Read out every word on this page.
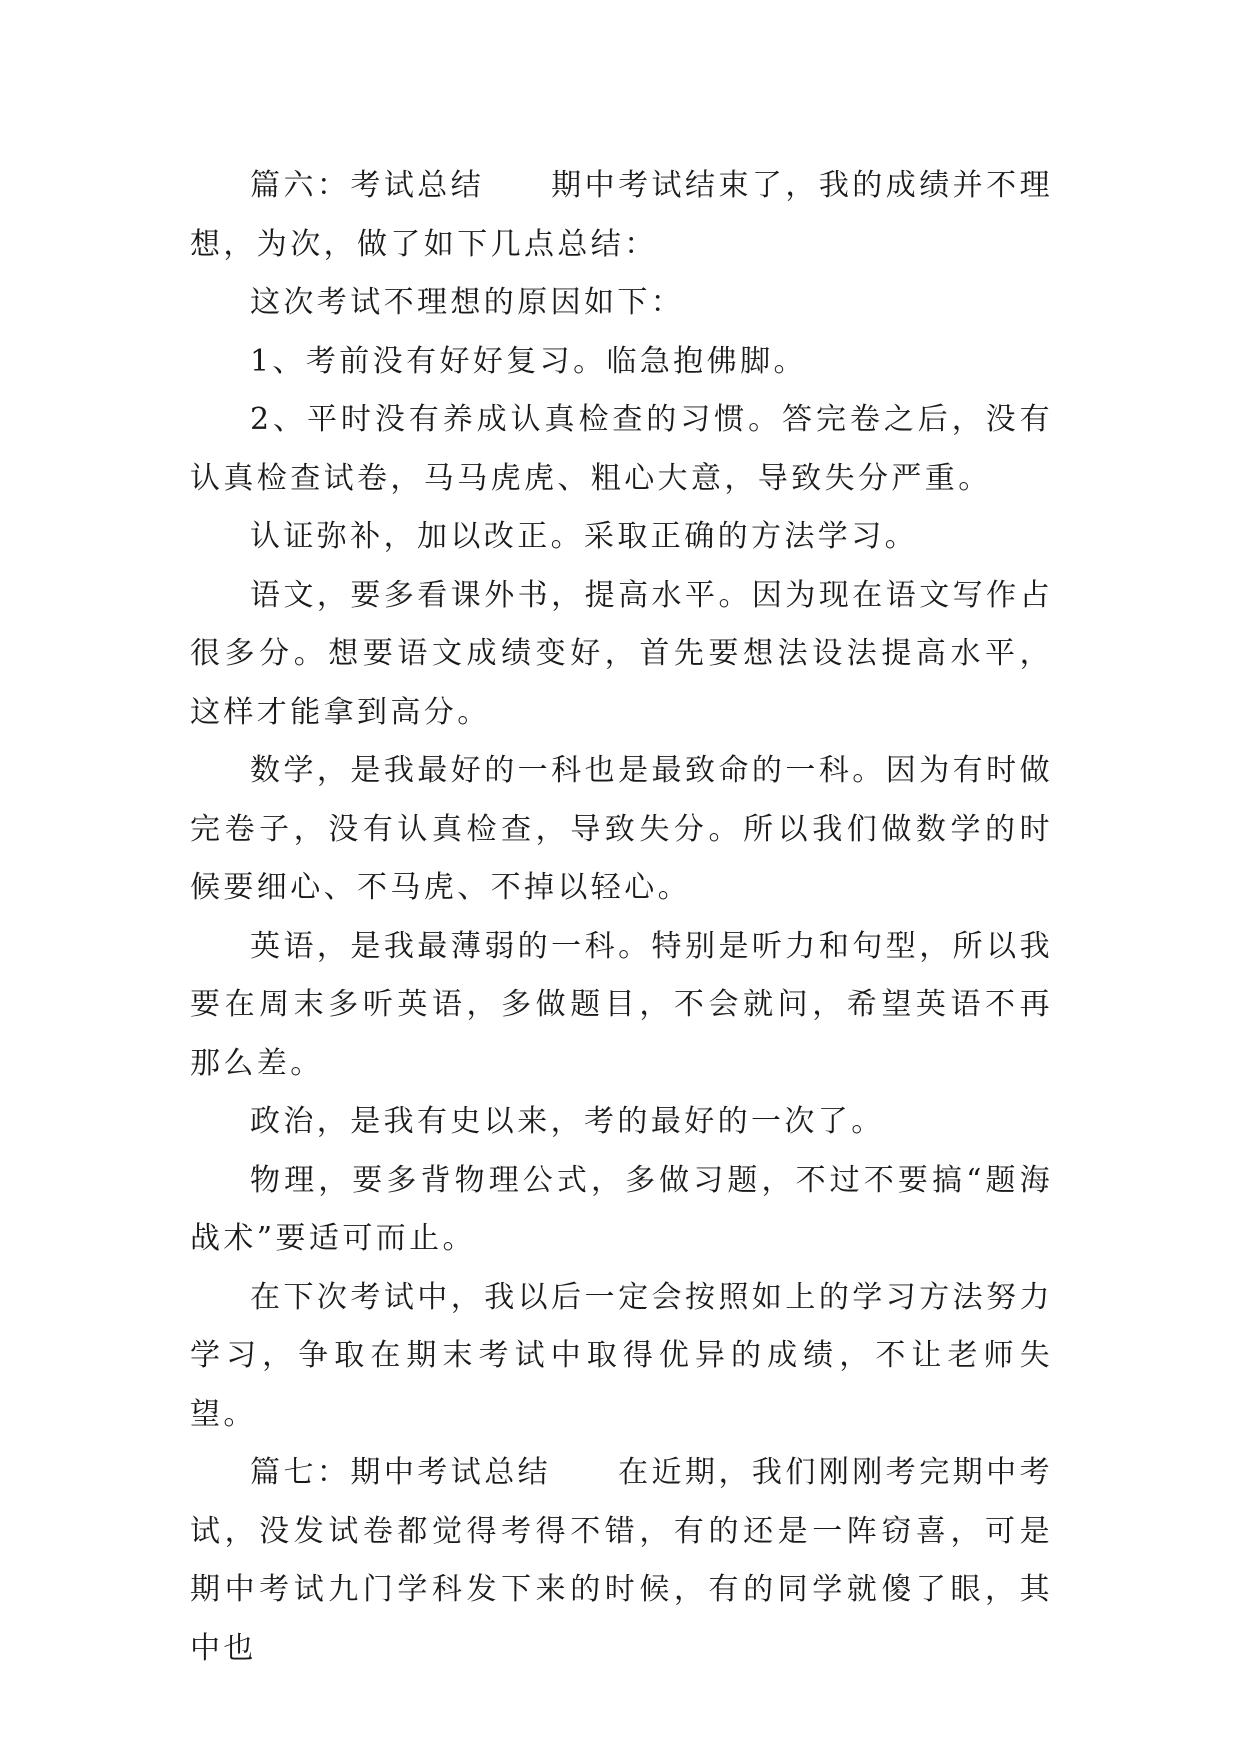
篇六：考试总结　　期中考试结束了，我的成绩并不理想，为次，做了如下几点总结：

这次考试不理想的原因如下：

1、考前没有好好复习。临急抱佛脚。

2、平时没有养成认真检查的习惯。答完卷之后，没有认真检查试卷，马马虎虎、粗心大意，导致失分严重。

认证弥补，加以改正。采取正确的方法学习。

语文，要多看课外书，提高水平。因为现在语文写作占很多分。想要语文成绩变好，首先要想法设法提高水平，这样才能拿到高分。

数学，是我最好的一科也是最致命的一科。因为有时做完卷子，没有认真检查，导致失分。所以我们做数学的时候要细心、不马虎、不掉以轻心。

英语，是我最薄弱的一科。特别是听力和句型，所以我要在周末多听英语，多做题目，不会就问，希望英语不再那么差。

政治，是我有史以来，考的最好的一次了。

物理，要多背物理公式，多做习题，不过不要搞“题海战术”要适可而止。

在下次考试中，我以后一定会按照如上的学习方法努力学习，争取在期末考试中取得优异的成绩，不让老师失望。

篇七：期中考试总结　　在近期，我们刚刚考完期中考试，没发试卷都觉得考得不错，有的还是一阵窃喜，可是期中考试九门学科发下来的时候，有的同学就傻了眼，其中也
